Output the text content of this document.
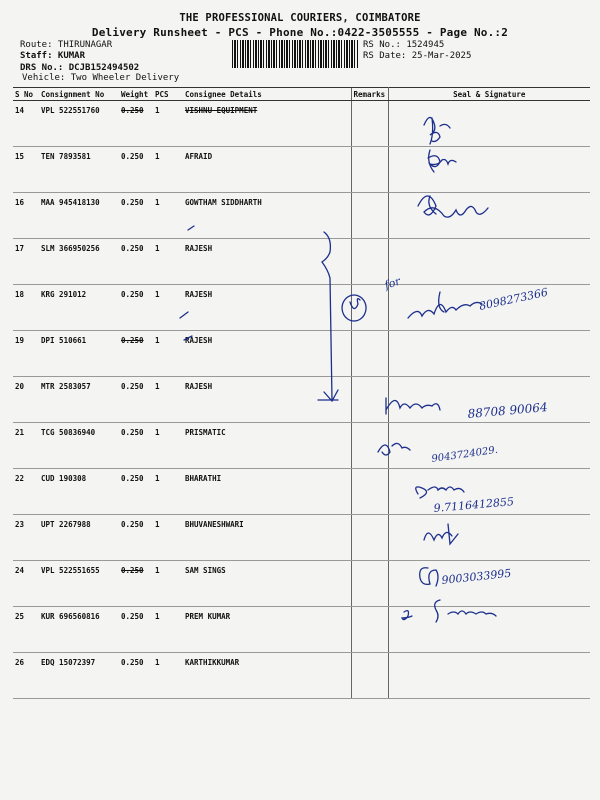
THE PROFESSIONAL COURIERS, COIMBATORE
Delivery Runsheet - PCS - Phone No.:0422-3505555 - Page No.:2
Route: THIRUNAGAR
Staff: KUMAR
DRS No.: DCJB152494502
Vehicle: Two Wheeler Delivery
RS No.: 1524945
RS Date: 25-Mar-2025
S No	Consignment No	Weight	PCS	Consignee Details	Remarks	Seal & Signature
14	VPL 522551760	0.250	1	VISHNU EQUIPMENT		
15	TEN 7893581	0.250	1	AFRAID		
16	MAA 945418130	0.250	1	GOWTHAM SIDDHARTH		
17	SLM 366950256	0.250	1	RAJESH		
18	KRG 291012	0.250	1	RAJESH		
19	DPI 510661	0.250	1	RAJESH		
20	MTR 2583057	0.250	1	RAJESH		
21	TCG 50836940	0.250	1	PRISMATIC		
22	CUD 190308	0.250	1	BHARATHI		
23	UPT 2267988	0.250	1	BHUVANESHWARI		
24	VPL 522551655	0.250	1	SAM SINGS		
25	KUR 696560816	0.250	1	PREM KUMAR		
26	EDQ 15072397	0.250	1	KARTHIKKUMAR		
for
8098273366
88708 90064
9043724029.
9.7116412855
9003033995
